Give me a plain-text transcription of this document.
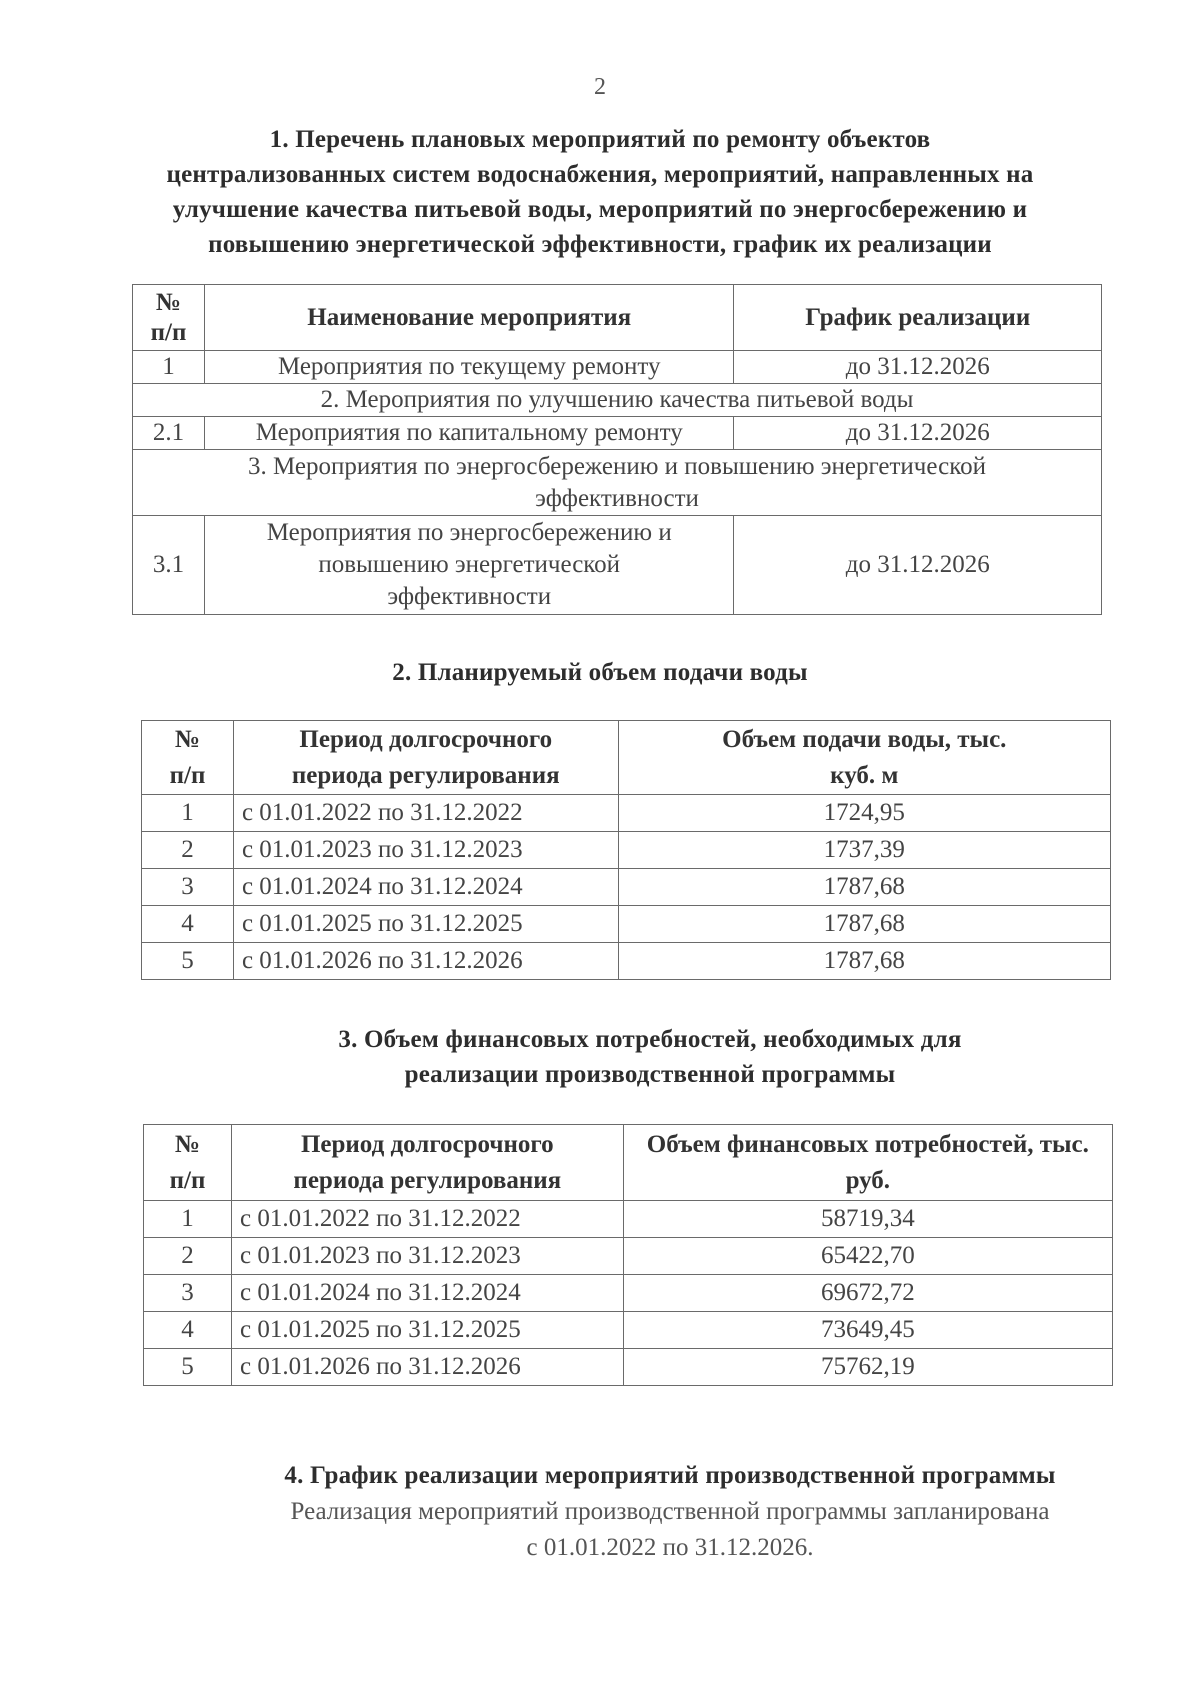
2
1. Перечень плановых мероприятий по ремонту объектов
централизованных систем водоснабжения, мероприятий, направленных на
улучшение качества питьевой воды, мероприятий по энергосбережению и
повышению энергетической эффективности, график их реализации
№ п/п	Наименование мероприятия	График реализации
1	Мероприятия по текущему ремонту	до 31.12.2026
2. Мероприятия по улучшению качества питьевой воды		
2.1	Мероприятия по капитальному ремонту	до 31.12.2026
3. Мероприятия по энергосбережению и повышению энергетической эффективности		
3.1	Мероприятия по энергосбережению и повышению энергетической эффективности	до 31.12.2026
2. Планируемый объем подачи воды
№ п/п	Период долгосрочного периода регулирования	Объем подачи воды, тыс. куб. м
1	с 01.01.2022 по 31.12.2022	1724,95
2	с 01.01.2023 по 31.12.2023	1737,39
3	с 01.01.2024 по 31.12.2024	1787,68
4	с 01.01.2025 по 31.12.2025	1787,68
5	с 01.01.2026 по 31.12.2026	1787,68
3. Объем финансовых потребностей, необходимых для
реализации производственной программы
№ п/п	Период долгосрочного периода регулирования	Объем финансовых потребностей, тыс. руб.
1	с 01.01.2022 по 31.12.2022	58719,34
2	с 01.01.2023 по 31.12.2023	65422,70
3	с 01.01.2024 по 31.12.2024	69672,72
4	с 01.01.2025 по 31.12.2025	73649,45
5	с 01.01.2026 по 31.12.2026	75762,19
4. График реализации мероприятий производственной программы
Реализация мероприятий производственной программы запланирована
с 01.01.2022 по 31.12.2026.
